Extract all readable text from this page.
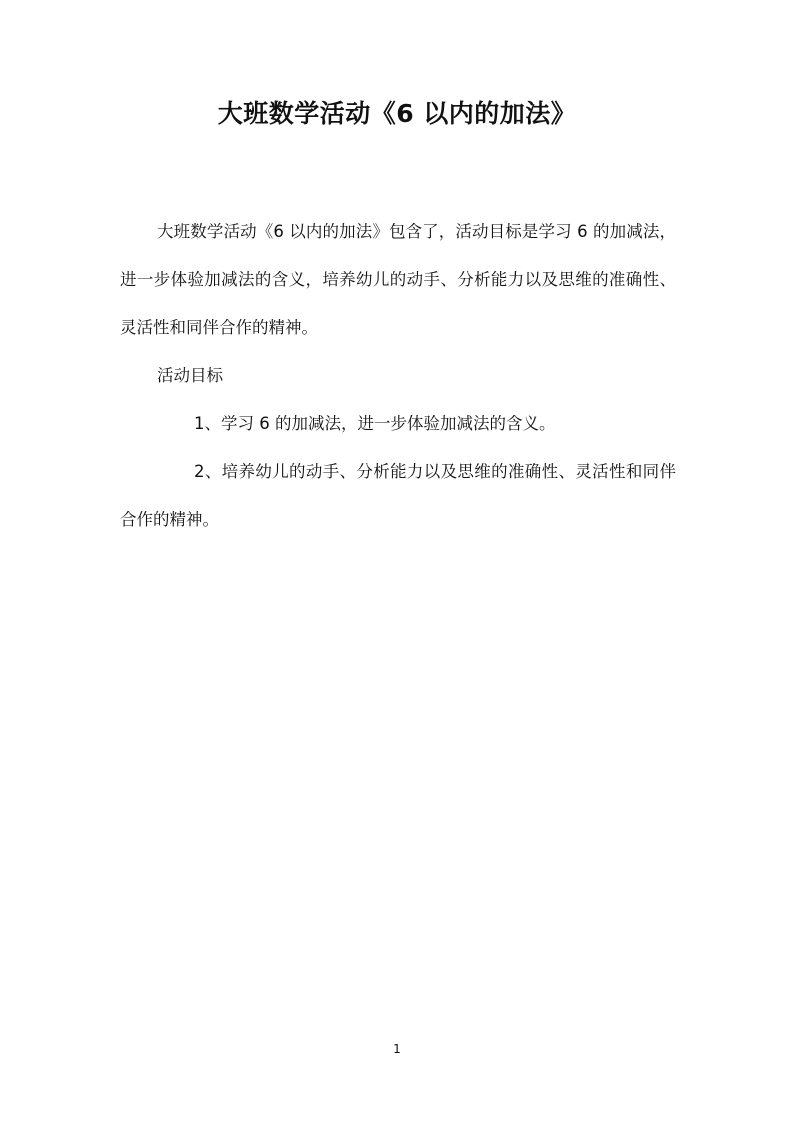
大班数学活动《6 以内的加法》

大班数学活动《6 以内的加法》包含了，活动目标是学习 6 的加减法，进一步体验加减法的含义，培养幼儿的动手、分析能力以及思维的准确性、灵活性和同伴合作的精神。

活动目标

1、学习 6 的加减法，进一步体验加减法的含义。

2、培养幼儿的动手、分析能力以及思维的准确性、灵活性和同伴合作的精神。

1
